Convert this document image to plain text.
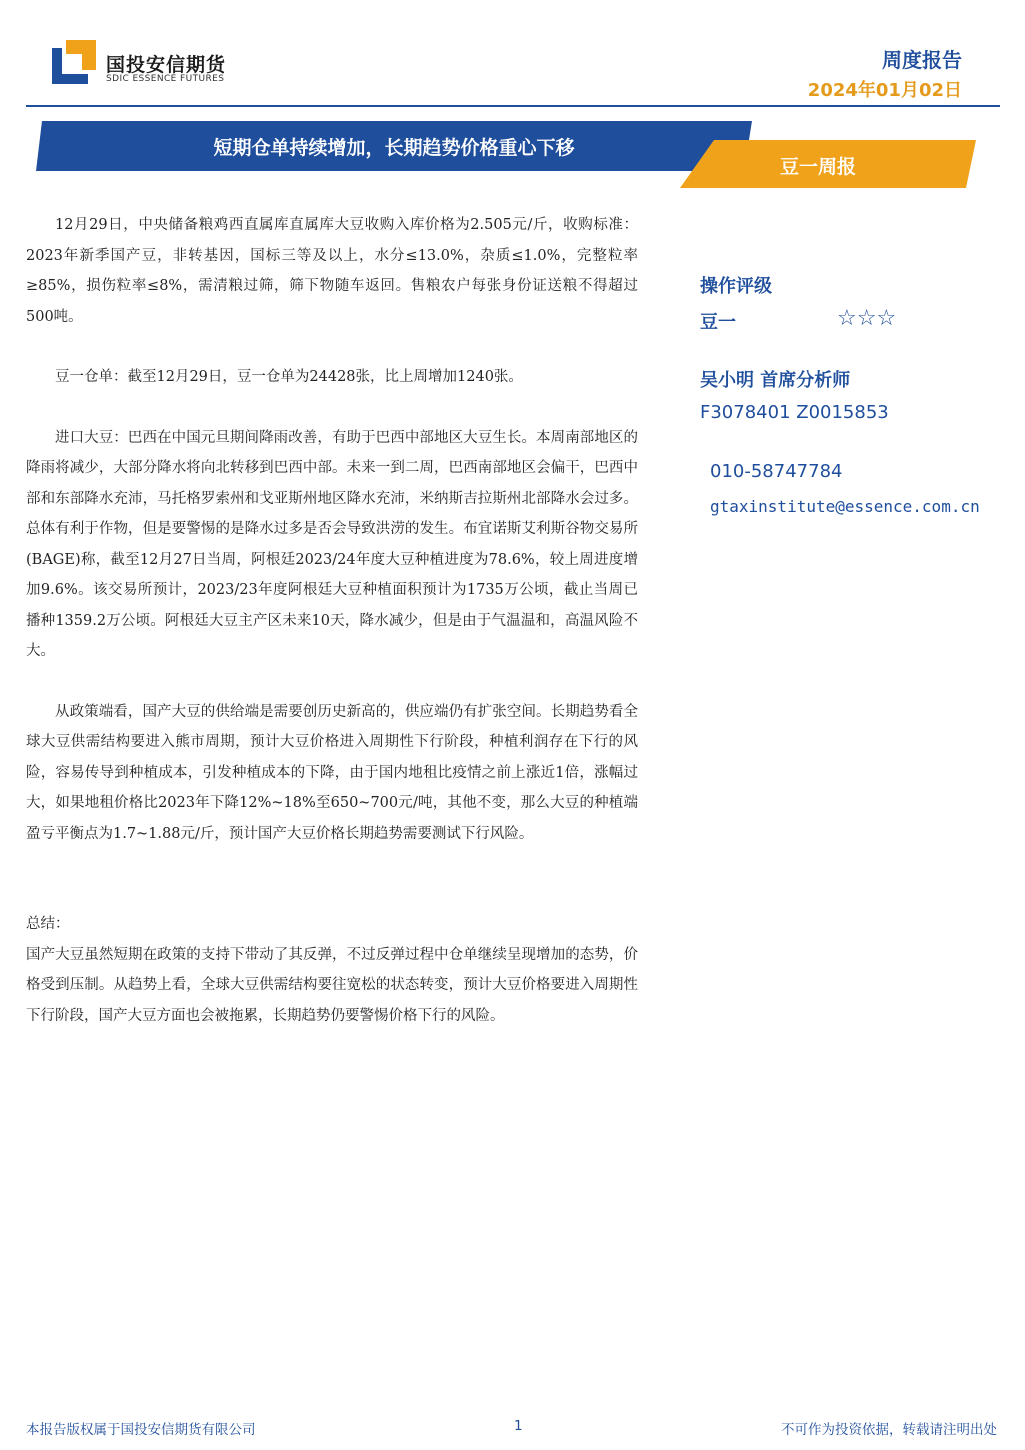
国投安信期货
SDIC ESSENCE FUTURES
周度报告
2024年01月02日
短期仓单持续增加，长期趋势价格重心下移
豆一周报

12月29日，中央储备粮鸡西直属库直属库大豆收购入库价格为2.505元/斤，收购标准：2023年新季国产豆，非转基因，国标三等及以上，水分≤13.0%，杂质≤1.0%，完整粒率≥85%，损伤粒率≤8%，需清粮过筛，筛下物随车返回。售粮农户每张身份证送粮不得超过500吨。

豆一仓单：截至12月29日，豆一仓单为24428张，比上周增加1240张。

进口大豆：巴西在中国元旦期间降雨改善，有助于巴西中部地区大豆生长。本周南部地区的降雨将减少，大部分降水将向北转移到巴西中部。未来一到二周，巴西南部地区会偏干，巴西中部和东部降水充沛，马托格罗索州和戈亚斯州地区降水充沛，米纳斯吉拉斯州北部降水会过多。总体有利于作物，但是要警惕的是降水过多是否会导致洪涝的发生。布宜诺斯艾利斯谷物交易所(BAGE)称，截至12月27日当周，阿根廷2023/24年度大豆种植进度为78.6%，较上周进度增加9.6%。该交易所预计，2023/23年度阿根廷大豆种植面积预计为1735万公顷，截止当周已播种1359.2万公顷。阿根廷大豆主产区未来10天，降水减少，但是由于气温温和，高温风险不大。

从政策端看，国产大豆的供给端是需要创历史新高的，供应端仍有扩张空间。长期趋势看全球大豆供需结构要进入熊市周期，预计大豆价格进入周期性下行阶段，种植利润存在下行的风险，容易传导到种植成本，引发种植成本的下降，由于国内地租比疫情之前上涨近1倍，涨幅过大，如果地租价格比2023年下降12%~18%至650~700元/吨，其他不变，那么大豆的种植端盈亏平衡点为1.7~1.88元/斤，预计国产大豆价格长期趋势需要测试下行风险。

总结：

国产大豆虽然短期在政策的支持下带动了其反弹，不过反弹过程中仓单继续呈现增加的态势，价格受到压制。从趋势上看，全球大豆供需结构要往宽松的状态转变，预计大豆价格要进入周期性下行阶段，国产大豆方面也会被拖累，长期趋势仍要警惕价格下行的风险。

操作评级
豆一	☆☆☆
吴小明 首席分析师
F3078401 Z0015853
010-58747784
gtaxinstitute@essence.com.cn
本报告版权属于国投安信期货有限公司	1	不可作为投资依据，转载请注明出处
